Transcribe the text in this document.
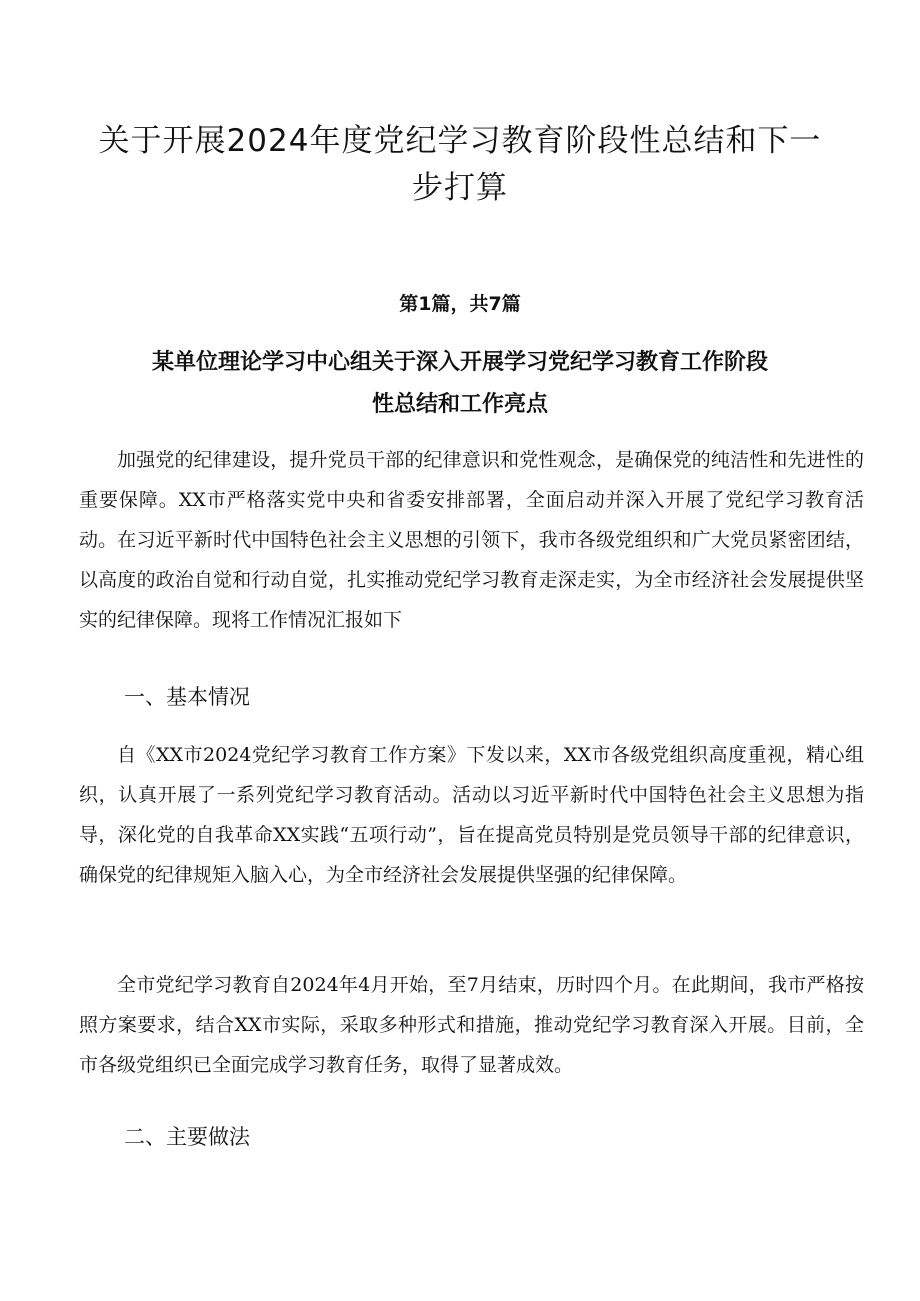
关于开展2024年度党纪学习教育阶段性总结和下一步打算
第1篇，共7篇
某单位理论学习中心组关于深入开展学习党纪学习教育工作阶段性总结和工作亮点

加强党的纪律建设，提升党员干部的纪律意识和党性观念，是确保党的纯洁性和先进性的重要保障。XX市严格落实党中央和省委安排部署，全面启动并深入开展了党纪学习教育活动。在习近平新时代中国特色社会主义思想的引领下，我市各级党组织和广大党员紧密团结，以高度的政治自觉和行动自觉，扎实推动党纪学习教育走深走实，为全市经济社会发展提供坚实的纪律保障。现将工作情况汇报如下

一、基本情况

自《XX市2024党纪学习教育工作方案》下发以来，XX市各级党组织高度重视，精心组织，认真开展了一系列党纪学习教育活动。活动以习近平新时代中国特色社会主义思想为指导，深化党的自我革命XX实践“五项行动”，旨在提高党员特别是党员领导干部的纪律意识，确保党的纪律规矩入脑入心，为全市经济社会发展提供坚强的纪律保障。

全市党纪学习教育自2024年4月开始，至7月结束，历时四个月。在此期间，我市严格按照方案要求，结合XX市实际，采取多种形式和措施，推动党纪学习教育深入开展。目前，全市各级党组织已全面完成学习教育任务，取得了显著成效。

二、主要做法
